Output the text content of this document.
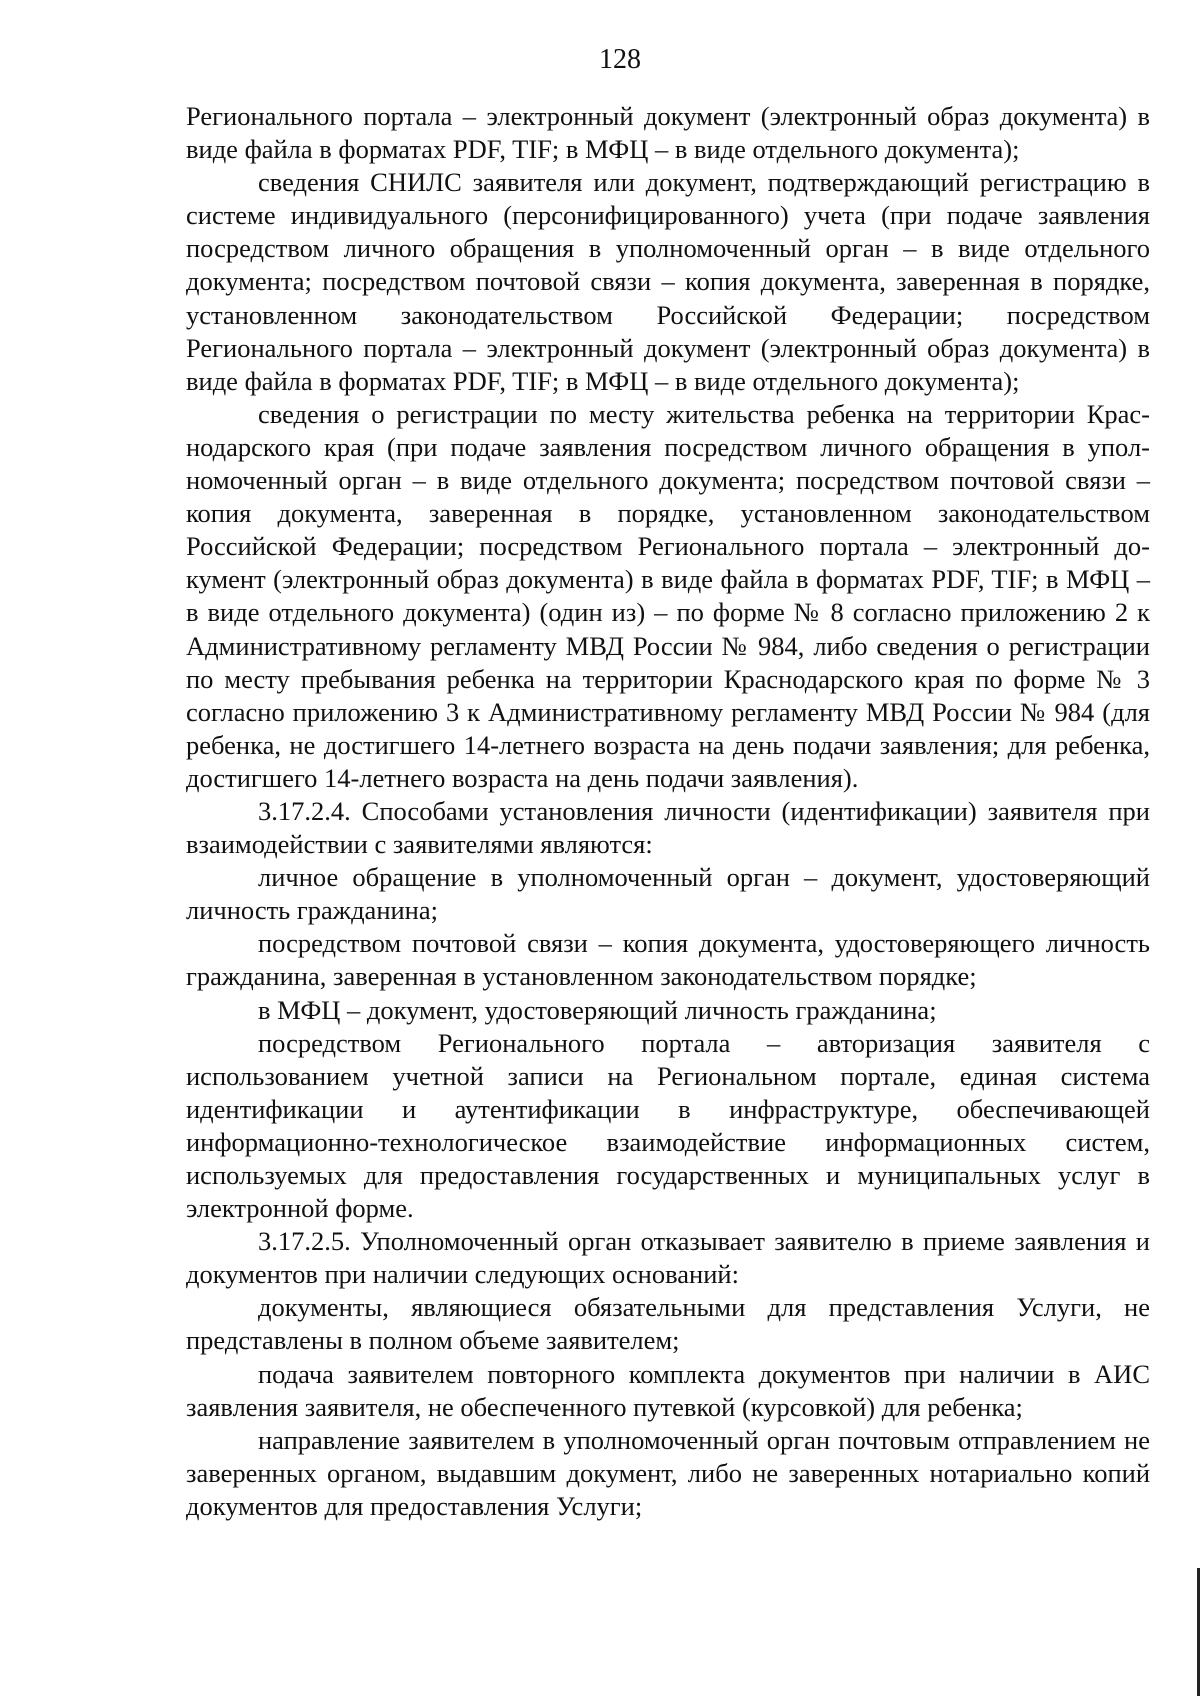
128

Регионального портала – электронный документ (электронный образ документа) в виде файла в форматах PDF, TIF; в МФЦ – в виде отдельного документа);

сведения СНИЛС заявителя или документ, подтверждающий регистрацию в системе индивидуального (персонифицированного) учета (при подаче заявления посредством личного обращения в уполномоченный орган – в виде отдельного документа; посредством почтовой связи – копия документа, заверенная в порядке, установленном законодательством Российской Федерации; посредством Регионального портала – электронный документ (электронный образ документа) в виде файла в форматах PDF, TIF; в МФЦ – в виде отдельного документа);

сведения о регистрации по месту жительства ребенка на территории Краснодарского края (при подаче заявления посредством личного обращения в уполномоченный орган – в виде отдельного документа; посредством почтовой связи – копия документа, заверенная в порядке, установленном законодательством Российской Федерации; посредством Регионального портала – электронный документ (электронный образ документа) в виде файла в форматах PDF, TIF; в МФЦ – в виде отдельного документа) (один из) – по форме № 8 согласно приложению 2 к Административному регламенту МВД России № 984, либо сведения о регистрации по месту пребывания ребенка на территории Краснодарского края по форме № 3 согласно приложению 3 к Административному регламенту МВД России № 984 (для ребенка, не достигшего 14-летнего возраста на день подачи заявления; для ребенка, достигшего 14-летнего возраста на день подачи заявления).

3.17.2.4. Способами установления личности (идентификации) заявителя при взаимодействии с заявителями являются:

личное обращение в уполномоченный орган – документ, удостоверяющий личность гражданина;

посредством почтовой связи – копия документа, удостоверяющего личность гражданина, заверенная в установленном законодательством порядке;

в МФЦ – документ, удостоверяющий личность гражданина;

посредством Регионального портала – авторизация заявителя с использованием учетной записи на Региональном портале, единая система идентификации и аутентификации в инфраструктуре, обеспечивающей информационно-технологическое взаимодействие информационных систем, используемых для предоставления государственных и муниципальных услуг в электронной форме.

3.17.2.5. Уполномоченный орган отказывает заявителю в приеме заявления и документов при наличии следующих оснований:

документы, являющиеся обязательными для представления Услуги, не представлены в полном объеме заявителем;

подача заявителем повторного комплекта документов при наличии в АИС заявления заявителя, не обеспеченного путевкой (курсовкой) для ребенка;

направление заявителем в уполномоченный орган почтовым отправлением не заверенных органом, выдавшим документ, либо не заверенных нотариально копий документов для предоставления Услуги;
